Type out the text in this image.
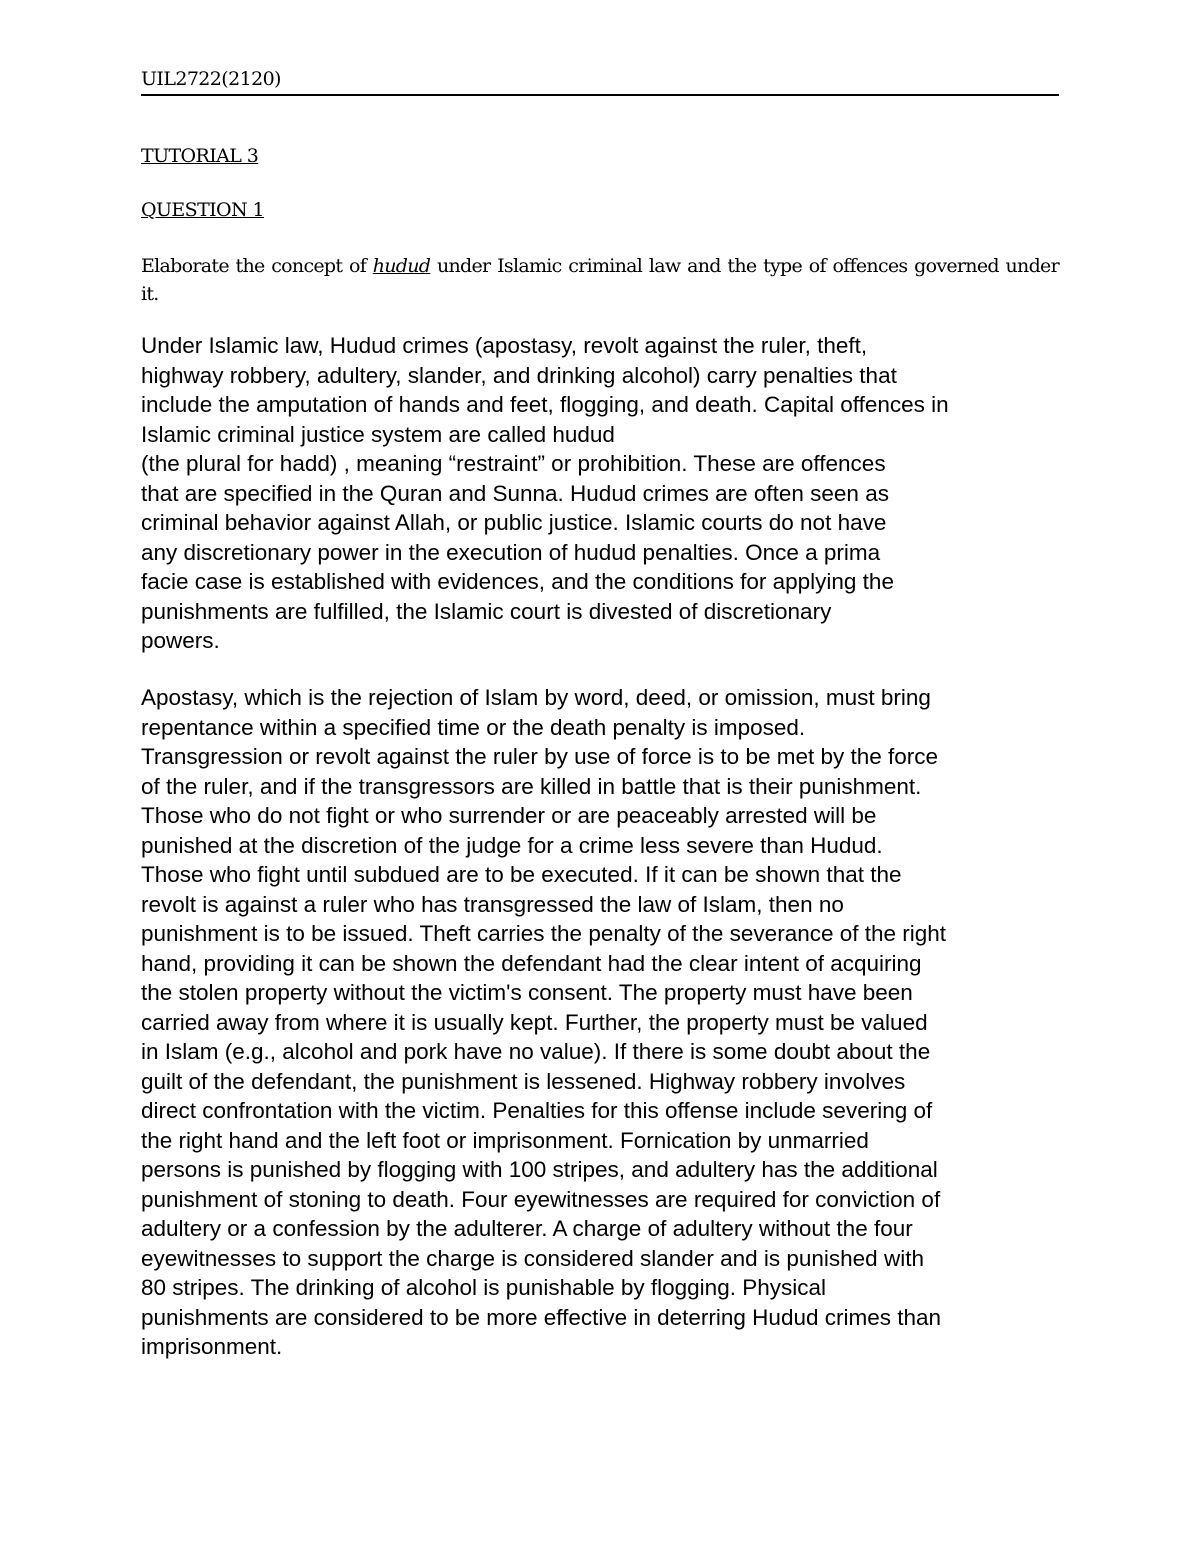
UIL2722(2120)
TUTORIAL 3
QUESTION 1
Elaborate the concept of hudud under Islamic criminal law and the type of offences governed under it.
Under Islamic law, Hudud crimes (apostasy, revolt against the ruler, theft,
highway robbery, adultery, slander, and drinking alcohol) carry penalties that
include the amputation of hands and feet, flogging, and death. Capital offences in
Islamic criminal justice system are called hudud
(the plural for hadd) , meaning “restraint” or prohibition. These are offences
that are specified in the Quran and Sunna. Hudud crimes are often seen as
criminal behavior against Allah, or public justice. Islamic courts do not have
any discretionary power in the execution of hudud penalties. Once a prima
facie case is established with evidences, and the conditions for applying the
punishments are fulfilled, the Islamic court is divested of discretionary
powers.
Apostasy, which is the rejection of Islam by word, deed, or omission, must bring
repentance within a specified time or the death penalty is imposed.
Transgression or revolt against the ruler by use of force is to be met by the force
of the ruler, and if the transgressors are killed in battle that is their punishment.
Those who do not fight or who surrender or are peaceably arrested will be
punished at the discretion of the judge for a crime less severe than Hudud.
Those who fight until subdued are to be executed. If it can be shown that the
revolt is against a ruler who has transgressed the law of Islam, then no
punishment is to be issued. Theft carries the penalty of the severance of the right
hand, providing it can be shown the defendant had the clear intent of acquiring
the stolen property without the victim's consent. The property must have been
carried away from where it is usually kept. Further, the property must be valued
in Islam (e.g., alcohol and pork have no value). If there is some doubt about the
guilt of the defendant, the punishment is lessened. Highway robbery involves
direct confrontation with the victim. Penalties for this offense include severing of
the right hand and the left foot or imprisonment. Fornication by unmarried
persons is punished by flogging with 100 stripes, and adultery has the additional
punishment of stoning to death. Four eyewitnesses are required for conviction of
adultery or a confession by the adulterer. A charge of adultery without the four
eyewitnesses to support the charge is considered slander and is punished with
80 stripes. The drinking of alcohol is punishable by flogging. Physical
punishments are considered to be more effective in deterring Hudud crimes than
imprisonment.
